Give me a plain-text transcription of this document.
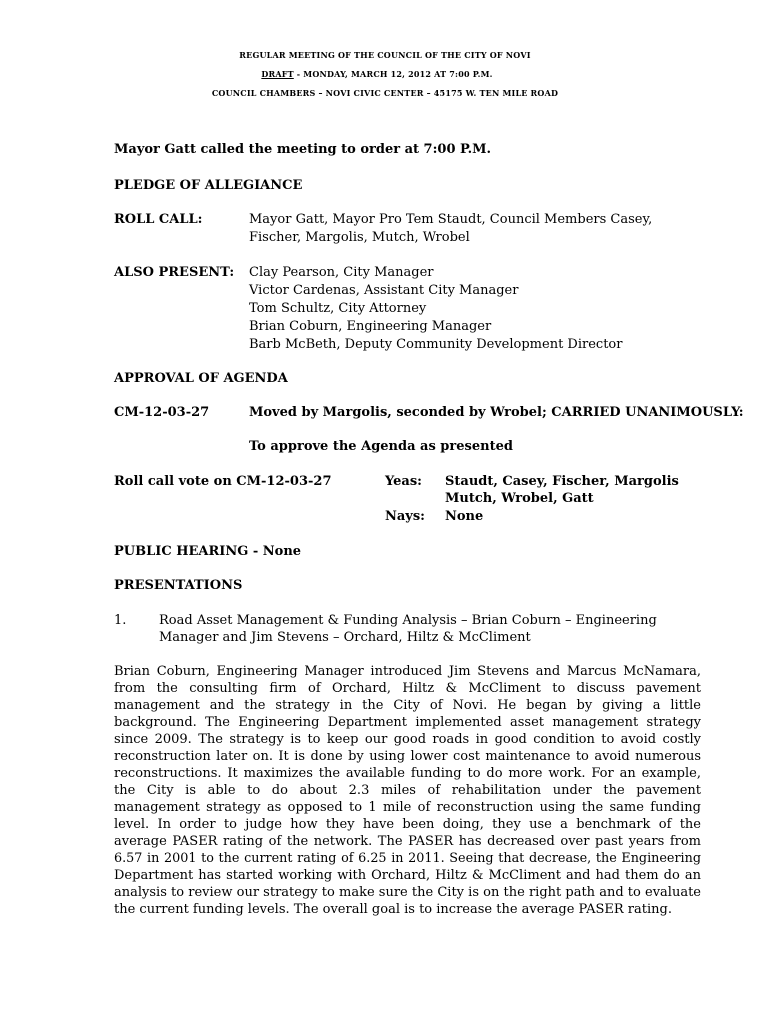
REGULAR MEETING OF THE COUNCIL OF THE CITY OF NOVI
DRAFT - MONDAY, MARCH 12, 2012 AT 7:00 P.M.
COUNCIL CHAMBERS – NOVI CIVIC CENTER – 45175 W. TEN MILE ROAD
Mayor Gatt called the meeting to order at 7:00 P.M.
PLEDGE OF ALLEGIANCE
ROLL CALL:	Mayor Gatt, Mayor Pro Tem Staudt, Council Members Casey,
Fischer, Margolis, Mutch, Wrobel
ALSO PRESENT: Clay Pearson, City Manager
Victor Cardenas, Assistant City Manager
Tom Schultz, City Attorney
Brian Coburn, Engineering Manager
Barb McBeth, Deputy Community Development Director
APPROVAL OF AGENDA
CM-12-03-27	Moved by Margolis, seconded by Wrobel; CARRIED UNANIMOUSLY:
To approve the Agenda as presented
Roll call vote on CM-12-03-27	Yeas: Staudt, Casey, Fischer, Margolis
Mutch, Wrobel, Gatt
Nays: None
PUBLIC HEARING - None
PRESENTATIONS
1.	Road Asset Management & Funding Analysis – Brian Coburn – Engineering
Manager and Jim Stevens – Orchard, Hiltz & McCliment
Brian Coburn, Engineering Manager introduced Jim Stevens and Marcus McNamara,
from the consulting firm of Orchard, Hiltz & McCliment to discuss pavement
management and the strategy in the City of Novi. He began by giving a little
background. The Engineering Department implemented asset management strategy
since 2009. The strategy is to keep our good roads in good condition to avoid costly
reconstruction later on. It is done by using lower cost maintenance to avoid numerous
reconstructions. It maximizes the available funding to do more work. For an example,
the City is able to do about 2.3 miles of rehabilitation under the pavement
management strategy as opposed to 1 mile of reconstruction using the same funding
level. In order to judge how they have been doing, they use a benchmark of the
average PASER rating of the network. The PASER has decreased over past years from
6.57 in 2001 to the current rating of 6.25 in 2011. Seeing that decrease, the Engineering
Department has started working with Orchard, Hiltz & McCliment and had them do an
analysis to review our strategy to make sure the City is on the right path and to evaluate
the current funding levels. The overall goal is to increase the average PASER rating.
